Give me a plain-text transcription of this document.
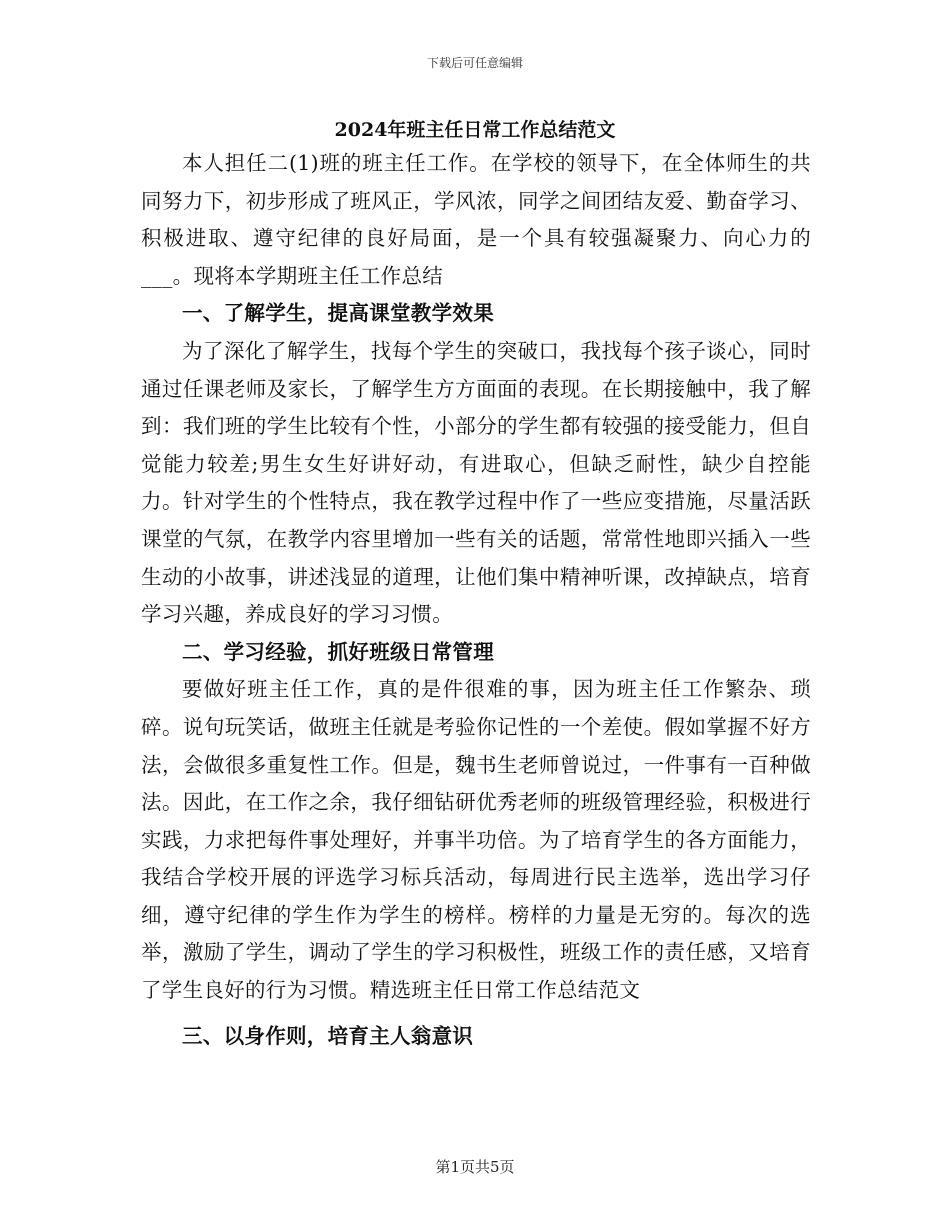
下载后可任意编辑
2024年班主任日常工作总结范文

本人担任二(1)班的班主任工作。在学校的领导下，在全体师生的共同努力下，初步形成了班风正，学风浓，同学之间团结友爱、勤奋学习、积极进取、遵守纪律的良好局面，是一个具有较强凝聚力、向心力的___。现将本学期班主任工作总结

一、了解学生，提高课堂教学效果

为了深化了解学生，找每个学生的突破口，我找每个孩子谈心，同时通过任课老师及家长，了解学生方方面面的表现。在长期接触中，我了解到：我们班的学生比较有个性，小部分的学生都有较强的接受能力，但自觉能力较差;男生女生好讲好动，有进取心，但缺乏耐性，缺少自控能力。针对学生的个性特点，我在教学过程中作了一些应变措施，尽量活跃课堂的气氛，在教学内容里增加一些有关的话题，常常性地即兴插入一些生动的小故事，讲述浅显的道理，让他们集中精神听课，改掉缺点，培育学习兴趣，养成良好的学习习惯。

二、学习经验，抓好班级日常管理

要做好班主任工作，真的是件很难的事，因为班主任工作繁杂、琐碎。说句玩笑话，做班主任就是考验你记性的一个差使。假如掌握不好方法，会做很多重复性工作。但是，魏书生老师曾说过，一件事有一百种做法。因此，在工作之余，我仔细钻研优秀老师的班级管理经验，积极进行实践，力求把每件事处理好，并事半功倍。为了培育学生的各方面能力，我结合学校开展的评选学习标兵活动，每周进行民主选举，选出学习仔细，遵守纪律的学生作为学生的榜样。榜样的力量是无穷的。每次的选举，激励了学生，调动了学生的学习积极性，班级工作的责任感，又培育了学生良好的行为习惯。精选班主任日常工作总结范文

三、以身作则，培育主人翁意识
第1页共5页
